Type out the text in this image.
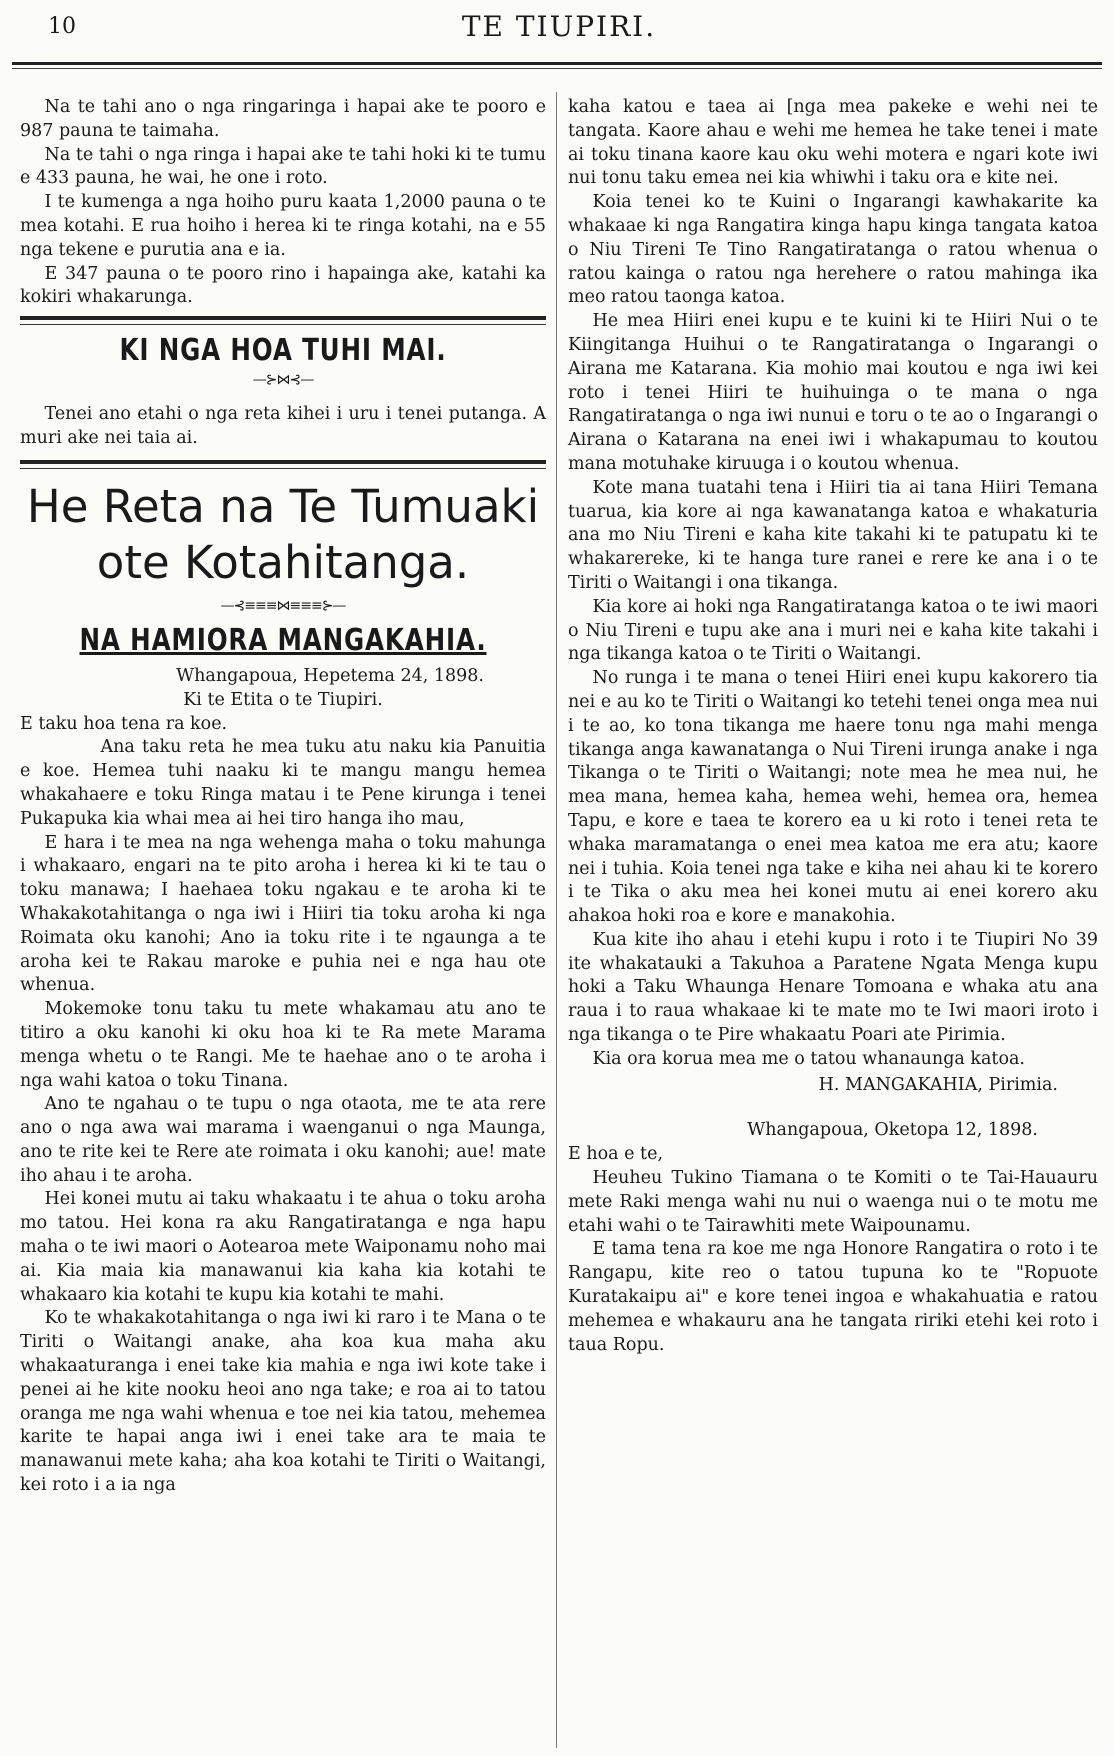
10	TE TIUPIRI.

Na te tahi ano o nga ringaringa i hapai ake te pooro e 987 pauna te taimaha.

Na te tahi o nga ringa i hapai ake te tahi hoki ki te tumu e 433 pauna, he wai, he one i roto.

I te kumenga a nga hoiho puru kaata 1,2000 pauna o te mea kotahi. E rua hoiho i herea ki te ringa kotahi, na e 55 nga tekene e purutia ana e ia.

E 347 pauna o te pooro rino i hapainga ake, katahi ka kokiri whakarunga.

KI NGA HOA TUHI MAI.
—⊱⋈⊰—

Tenei ano etahi o nga reta kihei i uru i tenei putanga. A muri ake nei taia ai.

He Reta na Te Tumuaki
ote Kotahitanga.
—⊰≡≡≡⋈≡≡≡⊱—
NA HAMIORA MANGAKAHIA.

Whangapoua, Hepetema 24, 1898.

Ki te Etita o te Tiupiri.

E taku hoa tena ra koe.

Ana taku reta he mea tuku atu naku kia Panuitia e koe. Hemea tuhi naaku ki te mangu mangu hemea whakahaere e toku Ringa matau i te Pene kirunga i tenei Pukapuka kia whai mea ai hei tiro hanga iho mau,

E hara i te mea na nga wehenga maha o toku mahunga i whakaaro, engari na te pito aroha i herea ki ki te tau o toku manawa; I haehaea toku ngakau e te aroha ki te Whakakotahitanga o nga iwi i Hiiri tia toku aroha ki nga Roimata oku kanohi; Ano ia toku rite i te ngaunga a te aroha kei te Rakau maroke e puhia nei e nga hau ote whenua.

Mokemoke tonu taku tu mete whakamau atu ano te titiro a oku kanohi ki oku hoa ki te Ra mete Marama menga whetu o te Rangi. Me te haehae ano o te aroha i nga wahi katoa o toku Tinana.

Ano te ngahau o te tupu o nga otaota, me te ata rere ano o nga awa wai marama i waenganui o nga Maunga, ano te rite kei te Rere ate roimata i oku kanohi; aue! mate iho ahau i te aroha.

Hei konei mutu ai taku whakaatu i te ahua o toku aroha mo tatou. Hei kona ra aku Rangatiratanga e nga hapu maha o te iwi maori o Aotearoa mete Waiponamu noho mai ai. Kia maia kia manawanui kia kaha kia kotahi te whakaaro kia kotahi te kupu kia kotahi te mahi.

Ko te whakakotahitanga o nga iwi ki raro i te Mana o te Tiriti o Waitangi anake, aha koa kua maha aku whakaaturanga i enei take kia mahia e nga iwi kote take i penei ai he kite nooku heoi ano nga take; e roa ai to tatou oranga me nga wahi whenua e toe nei kia tatou, mehemea karite te hapai anga iwi i enei take ara te maia te manawanui mete kaha; aha koa kotahi te Tiriti o Waitangi, kei roto i a ia nga

kaha katou e taea ai [nga mea pakeke e wehi nei te tangata. Kaore ahau e wehi me hemea he take tenei i mate ai toku tinana kaore kau oku wehi motera e ngari kote iwi nui tonu taku emea nei kia whiwhi i taku ora e kite nei.

Koia tenei ko te Kuini o Ingarangi kawhakarite ka whakaae ki nga Rangatira kinga hapu kinga tangata katoa o Niu Tireni Te Tino Rangatiratanga o ratou whenua o ratou kainga o ratou nga herehere o ratou mahinga ika meo ratou taonga katoa.

He mea Hiiri enei kupu e te kuini ki te Hiiri Nui o te Kiingitanga Huihui o te Rangatiratanga o Ingarangi o Airana me Katarana. Kia mohio mai koutou e nga iwi kei roto i tenei Hiiri te huihuinga o te mana o nga Rangatiratanga o nga iwi nunui e toru o te ao o Ingarangi o Airana o Katarana na enei iwi i whakapumau to koutou mana motuhake kiruuga i o koutou whenua.

Kote mana tuatahi tena i Hiiri tia ai tana Hiiri Temana tuarua, kia kore ai nga kawanatanga katoa e whakaturia ana mo Niu Tireni e kaha kite takahi ki te patupatu ki te whakarereke, ki te hanga ture ranei e rere ke ana i o te Tiriti o Waitangi i ona tikanga.

Kia kore ai hoki nga Rangatiratanga katoa o te iwi maori o Niu Tireni e tupu ake ana i muri nei e kaha kite takahi i nga tikanga katoa o te Tiriti o Waitangi.

No runga i te mana o tenei Hiiri enei kupu kakorero tia nei e au ko te Tiriti o Waitangi ko tetehi tenei onga mea nui i te ao, ko tona tikanga me haere tonu nga mahi menga tikanga anga kawanatanga o Nui Tireni irunga anake i nga Tikanga o te Tiriti o Waitangi; note mea he mea nui, he mea mana, hemea kaha, hemea wehi, hemea ora, hemea Tapu, e kore e taea te korero ea u ki roto i tenei reta te whaka maramatanga o enei mea katoa me era atu; kaore nei i tuhia. Koia tenei nga take e kiha nei ahau ki te korero i te Tika o aku mea hei konei mutu ai enei korero aku ahakoa hoki roa e kore e manakohia.

Kua kite iho ahau i etehi kupu i roto i te Tiupiri No 39 ite whakatauki a Takuhoa a Paratene Ngata Menga kupu hoki a Taku Whaunga Henare Tomoana e whaka atu ana raua i to raua whakaae ki te mate mo te Iwi maori iroto i nga tikanga o te Pire whakaatu Poari ate Pirimia.

Kia ora korua mea me o tatou whanaunga katoa.

H. MANGAKAHIA, Pirimia.

Whangapoua, Oketopa 12, 1898.

E hoa e te,

Heuheu Tukino Tiamana o te Komiti o te Tai-Hauauru mete Raki menga wahi nu nui o waenga nui o te motu me etahi wahi o te Tairawhiti mete Waipounamu.

E tama tena ra koe me nga Honore Rangatira o roto i te Rangapu, kite reo o tatou tupuna ko te "Ropuote Kuratakaipu ai" e kore tenei ingoa e whakahuatia e ratou mehemea e whakauru ana he tangata ririki etehi kei roto i taua Ropu.
